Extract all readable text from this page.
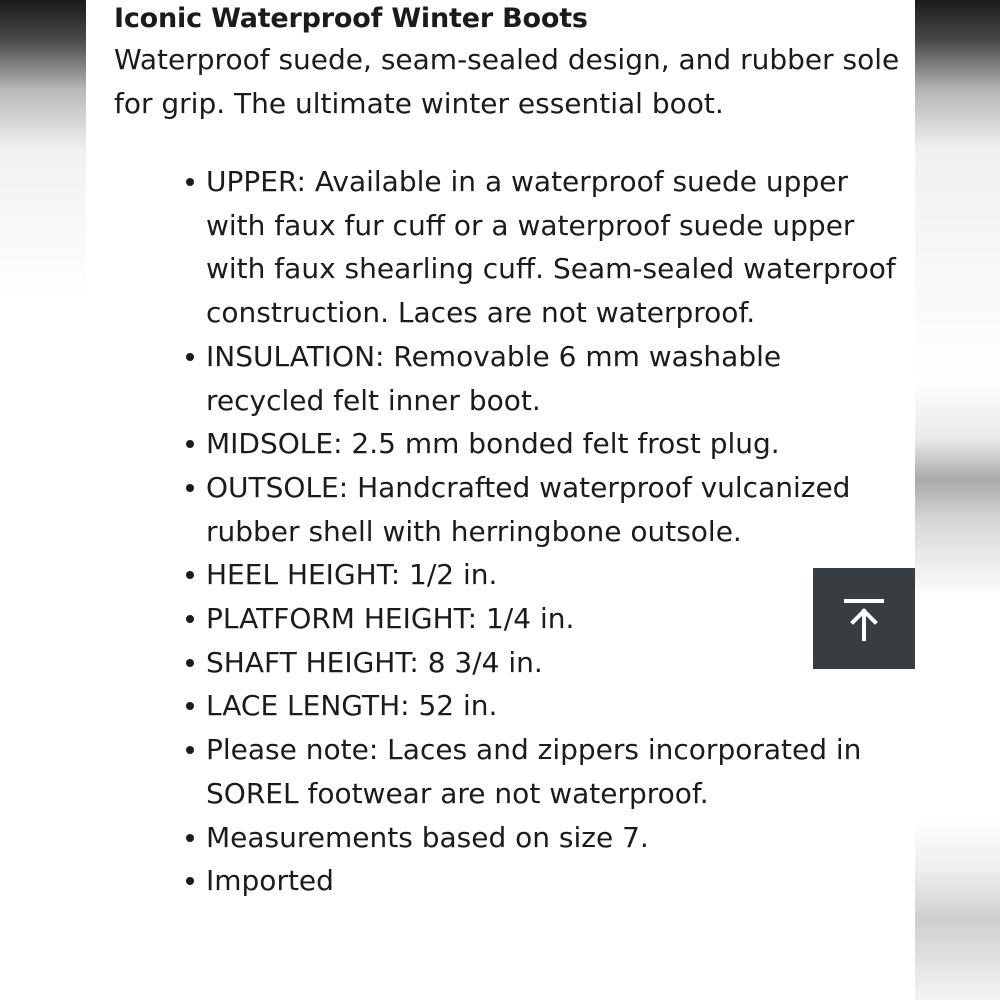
Iconic Waterproof Winter Boots

Waterproof suede, seam-sealed design, and rubber sole for grip. The ultimate winter essential boot.

UPPER: Available in a waterproof suede upper with faux fur cuff or a waterproof suede upper with faux shearling cuff. Seam-sealed waterproof construction. Laces are not waterproof.
INSULATION: Removable 6 mm washable recycled felt inner boot.
MIDSOLE: 2.5 mm bonded felt frost plug.
OUTSOLE: Handcrafted waterproof vulcanized rubber shell with herringbone outsole.
HEEL HEIGHT: 1/2 in.
PLATFORM HEIGHT: 1/4 in.
SHAFT HEIGHT: 8 3/4 in.
LACE LENGTH: 52 in.
Please note: Laces and zippers incorporated in SOREL footwear are not waterproof.
Measurements based on size 7.
Imported
